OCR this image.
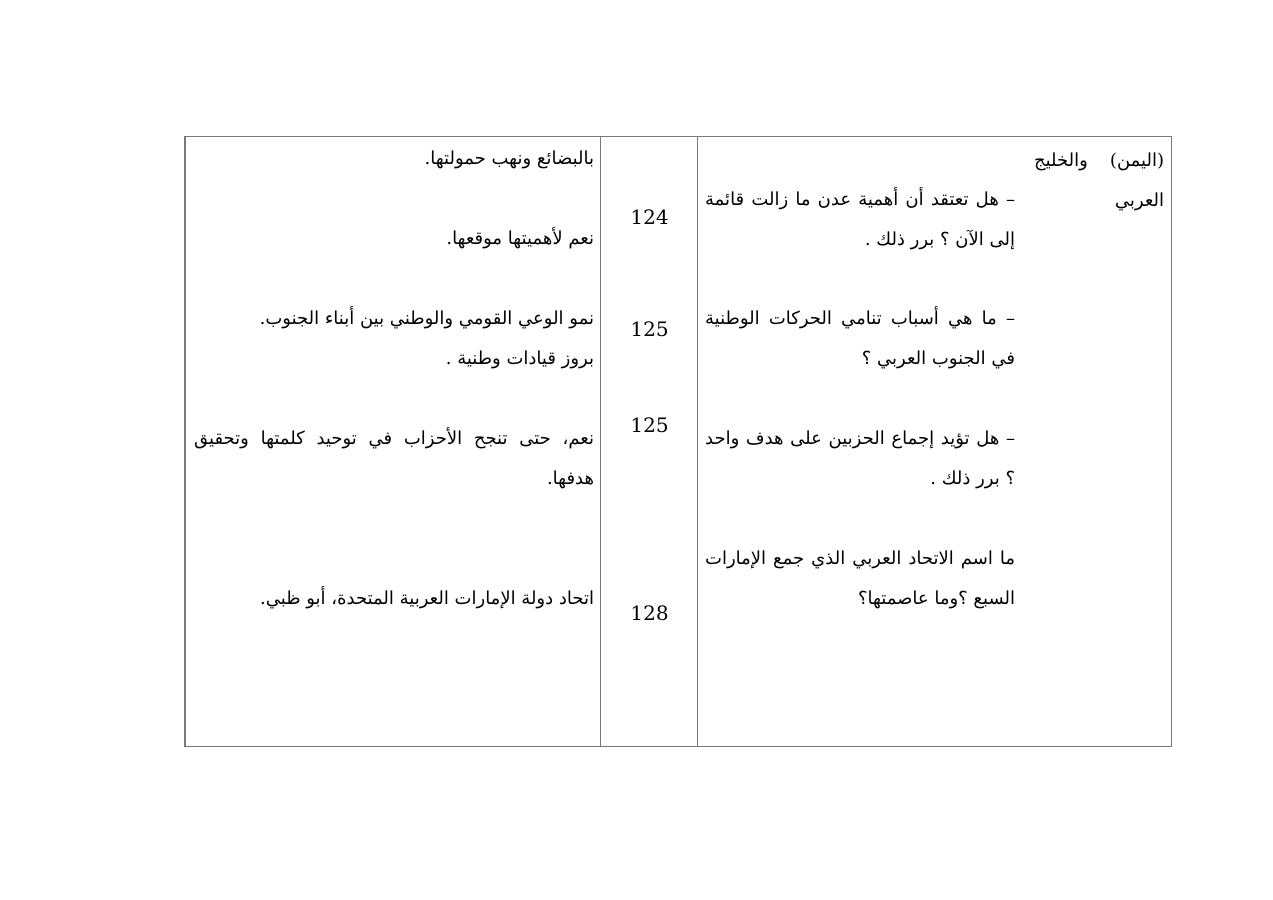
(اليمن) والخليج العربي
– هل تعتقد أن أهمية عدن ما زالت قائمة إلى الآن ؟ برر ذلك .
– ما هي أسباب تنامي الحركات الوطنية في الجنوب العربي ؟
– هل تؤيد إجماع الحزبين على هدف واحد ؟ برر ذلك .
ما اسم الاتحاد العربي الذي جمع الإمارات السبع ؟وما عاصمتها؟
124
125
125
128
بالبضائع ونهب حمولتها.
نعم لأهميتها موقعها.
نمو الوعي القومي والوطني بين أبناء الجنوب.
بروز قيادات وطنية .
نعم، حتى تنجح الأحزاب في توحيد كلمتها وتحقيق هدفها.
اتحاد دولة الإمارات العربية المتحدة، أبو ظبي.
